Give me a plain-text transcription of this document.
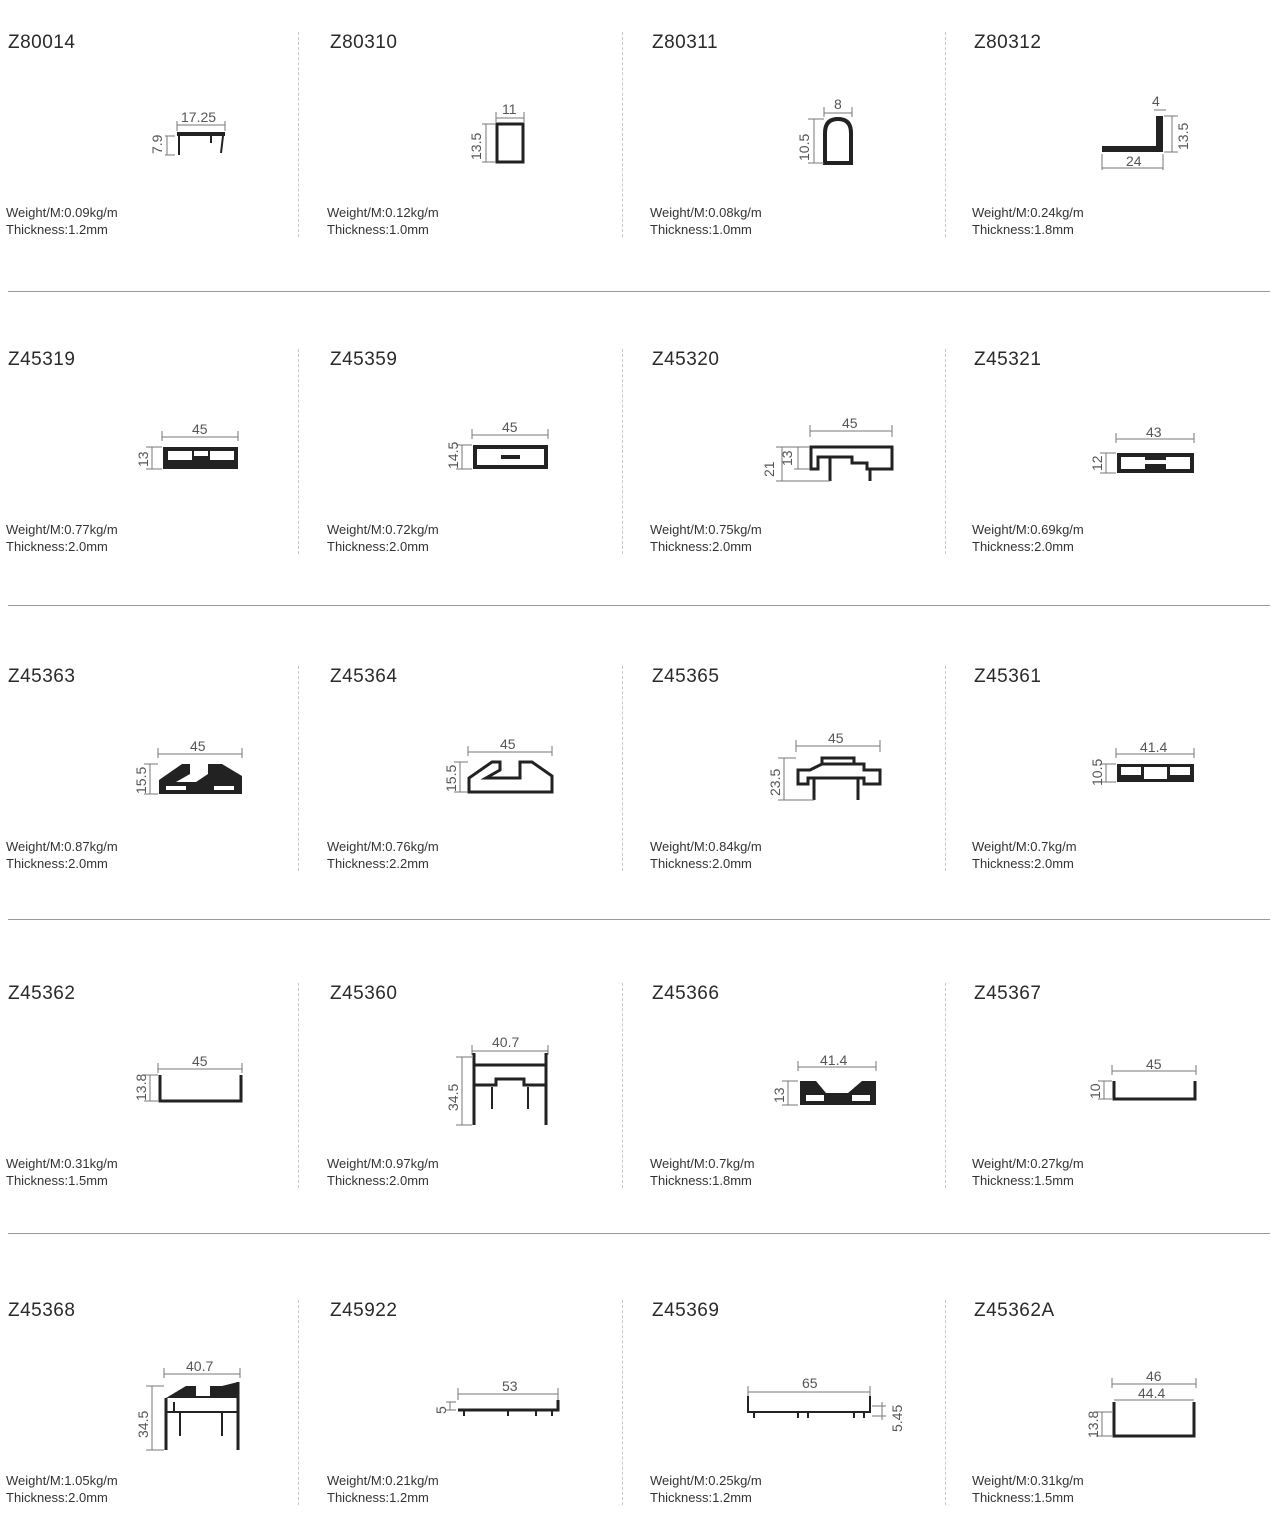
Z80014
17.25
7.9
Weight/M:0.09kg/m
Thickness:1.2mm
Z80310
11
13.5
Weight/M:0.12kg/m
Thickness:1.0mm
Z80311
8
10.5
Weight/M:0.08kg/m
Thickness:1.0mm
Z80312
4
13.5
24
Weight/M:0.24kg/m
Thickness:1.8mm
Z45319
45
13
Weight/M:0.77kg/m
Thickness:2.0mm
Z45359
45
14.5
Weight/M:0.72kg/m
Thickness:2.0mm
Z45320
45
13
21
Weight/M:0.75kg/m
Thickness:2.0mm
Z45321
43
12
Weight/M:0.69kg/m
Thickness:2.0mm
Z45363
45
15.5
Weight/M:0.87kg/m
Thickness:2.0mm
Z45364
45
15.5
Weight/M:0.76kg/m
Thickness:2.2mm
Z45365
45
23.5
Weight/M:0.84kg/m
Thickness:2.0mm
Z45361
41.4
10.5
Weight/M:0.7kg/m
Thickness:2.0mm
Z45362
45
13.8
Weight/M:0.31kg/m
Thickness:1.5mm
Z45360
40.7
34.5
Weight/M:0.97kg/m
Thickness:2.0mm
Z45366
41.4
13
Weight/M:0.7kg/m
Thickness:1.8mm
Z45367
45
10
Weight/M:0.27kg/m
Thickness:1.5mm
Z45368
40.7
34.5
Weight/M:1.05kg/m
Thickness:2.0mm
Z45922
53
5
Weight/M:0.21kg/m
Thickness:1.2mm
Z45369
65
5.45
Weight/M:0.25kg/m
Thickness:1.2mm
Z45362A
46
44.4
13.8
Weight/M:0.31kg/m
Thickness:1.5mm
